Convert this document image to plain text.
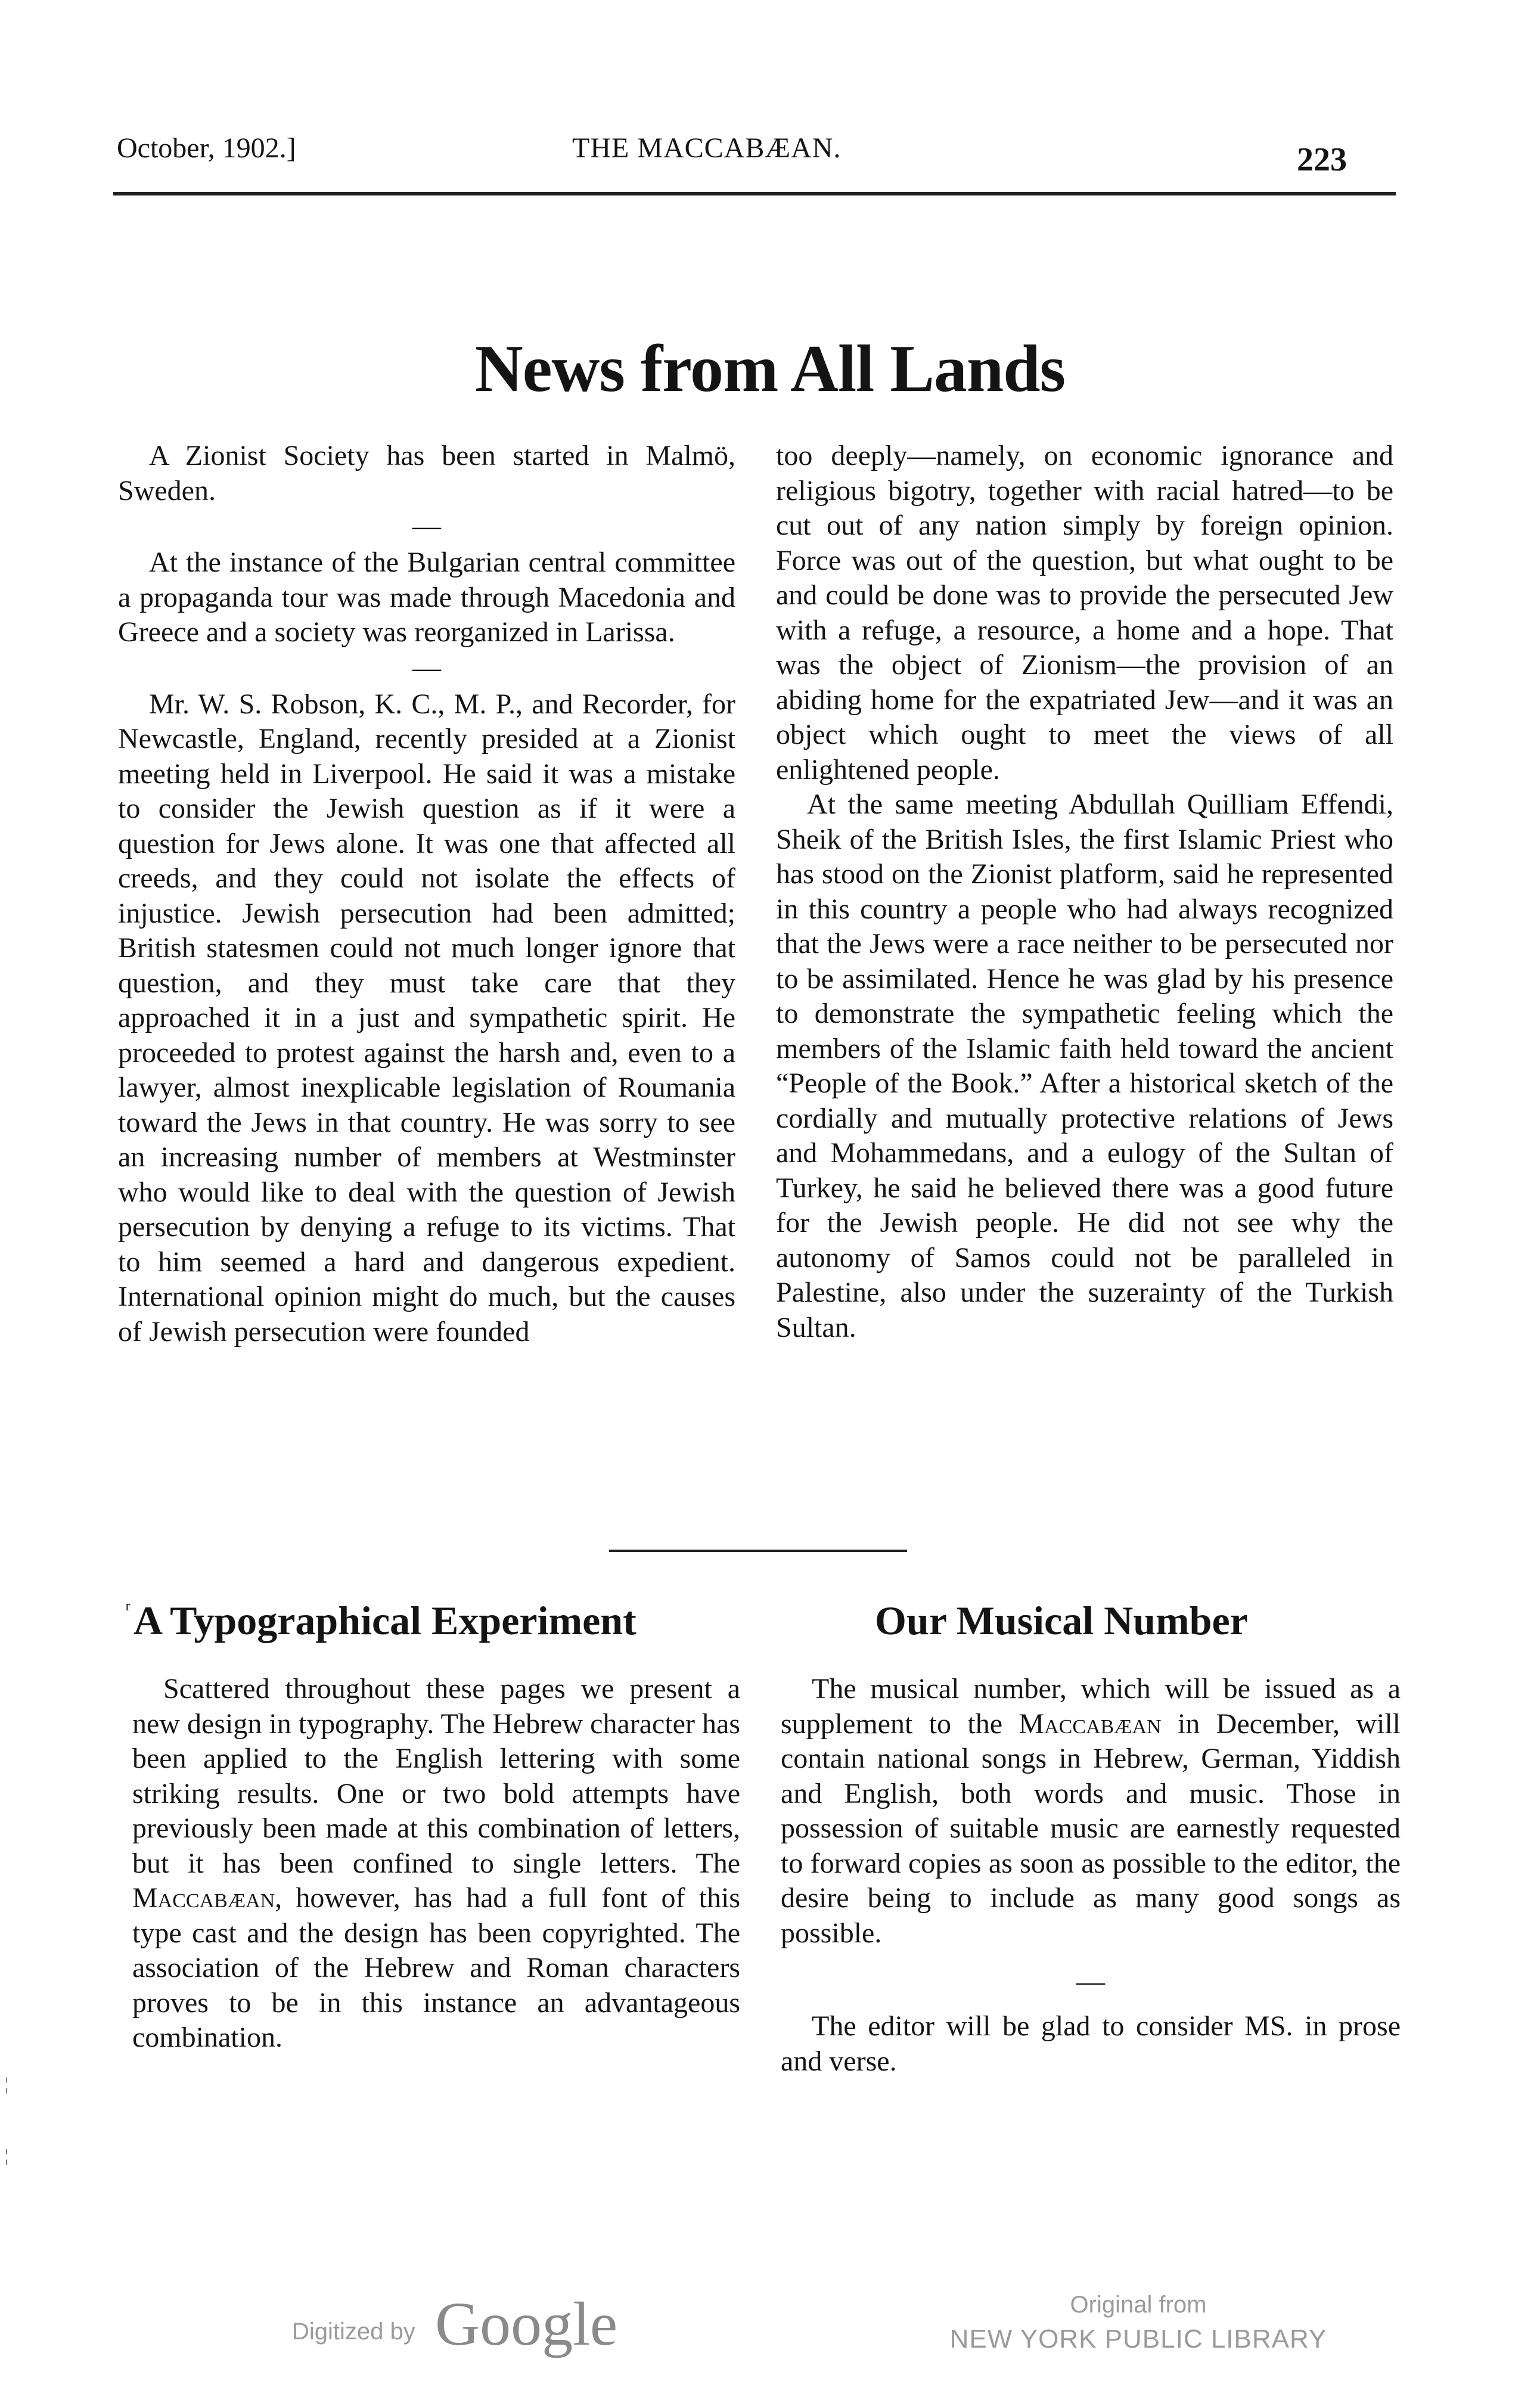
October, 1902.]	THE MACCABÆAN.	223
News from All Lands

A Zionist Society has been started in Malmö, Sweden.

—

At the instance of the Bulgarian central committee a propaganda tour was made through Macedonia and Greece and a society was reorganized in Larissa.

—

Mr. W. S. Robson, K. C., M. P., and Recorder, for Newcastle, England, recently presided at a Zionist meeting held in Liverpool. He said it was a mistake to consider the Jewish question as if it were a question for Jews alone. It was one that affected all creeds, and they could not isolate the effects of injustice. Jewish persecution had been admitted; British statesmen could not much longer ignore that question, and they must take care that they approached it in a just and sympathetic spirit. He proceeded to protest against the harsh and, even to a lawyer, almost inexplicable legislation of Roumania toward the Jews in that country. He was sorry to see an increasing number of members at Westminster who would like to deal with the question of Jewish persecution by denying a refuge to its victims. That to him seemed a hard and dangerous expedient. International opinion might do much, but the causes of Jewish persecution were founded

too deeply—namely, on economic ignorance and religious bigotry, together with racial hatred—to be cut out of any nation simply by foreign opinion. Force was out of the question, but what ought to be and could be done was to provide the persecuted Jew with a refuge, a resource, a home and a hope. That was the object of Zionism—the provision of an abiding home for the expatriated Jew—and it was an object which ought to meet the views of all enlightened people.

At the same meeting Abdullah Quilliam Effendi, Sheik of the British Isles, the first Islamic Priest who has stood on the Zionist platform, said he represented in this country a people who had always recognized that the Jews were a race neither to be persecuted nor to be assimilated. Hence he was glad by his presence to demonstrate the sympathetic feeling which the members of the Islamic faith held toward the ancient “People of the Book.” After a historical sketch of the cordially and mutually protective relations of Jews and Mohammedans, and a eulogy of the Sultan of Turkey, he said he believed there was a good future for the Jewish people. He did not see why the autonomy of Samos could not be paralleled in Palestine, also under the suzerainty of the Turkish Sultan.

ʳ A Typographical Experiment

Scattered throughout these pages we present a new design in typography. The Hebrew character has been applied to the English lettering with some striking results. One or two bold attempts have previously been made at this combination of letters, but it has been confined to single letters. The Maccabæan, however, has had a full font of this type cast and the design has been copyrighted. The association of the Hebrew and Roman characters proves to be in this instance an advantageous combination.

Our Musical Number

The musical number, which will be issued as a supplement to the Maccabæan in December, will contain national songs in Hebrew, German, Yiddish and English, both words and music. Those in possession of suitable music are earnestly requested to forward copies as soon as possible to the editor, the desire being to include as many good songs as possible.

—

The editor will be glad to consider MS. in prose and verse.

Digitized by Google	Original from
NEW YORK PUBLIC LIBRARY
¦
¦
